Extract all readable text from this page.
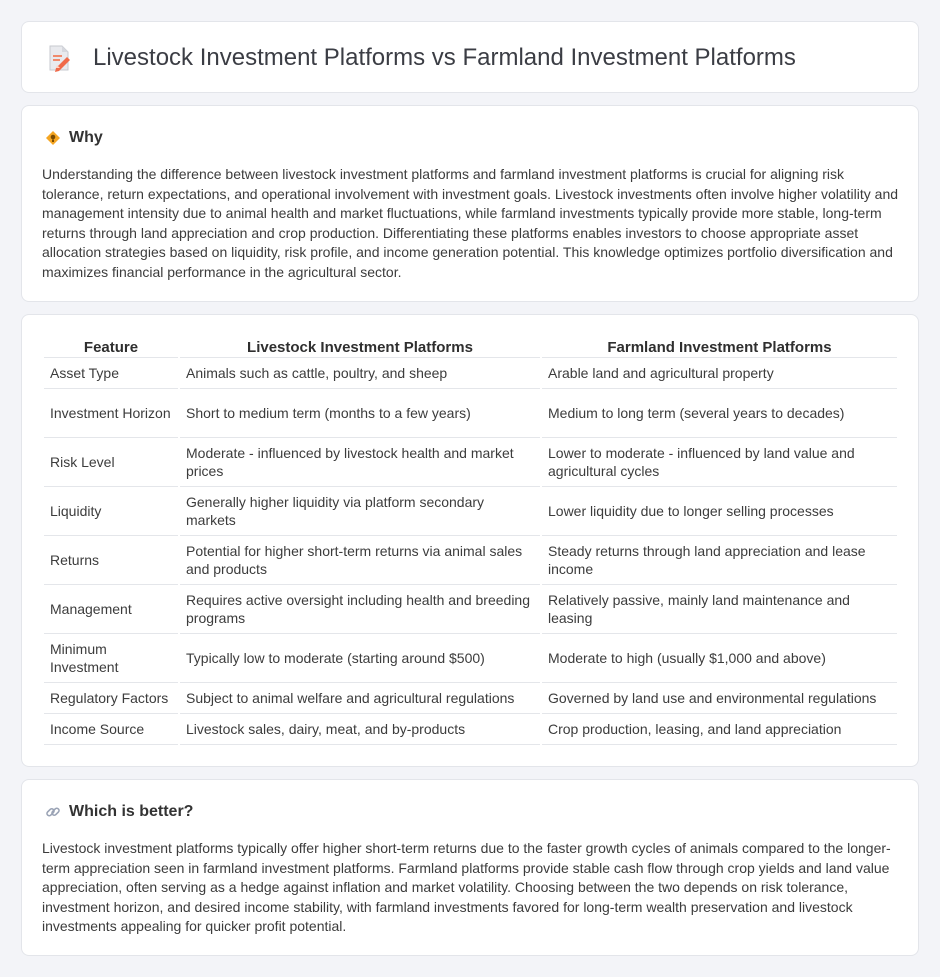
Livestock Investment Platforms vs Farmland Investment Platforms
Why

Understanding the difference between livestock investment platforms and farmland investment platforms is crucial for aligning risk tolerance, return expectations, and operational involvement with investment goals. Livestock investments often involve higher volatility and management intensity due to animal health and market fluctuations, while farmland investments typically provide more stable, long-term returns through land appreciation and crop production. Differentiating these platforms enables investors to choose appropriate asset allocation strategies based on liquidity, risk profile, and income generation potential. This knowledge optimizes portfolio diversification and maximizes financial performance in the agricultural sector.

Feature	Livestock Investment Platforms	Farmland Investment Platforms
Asset Type	Animals such as cattle, poultry, and sheep	Arable land and agricultural property
Investment Horizon	Short to medium term (months to a few years)	Medium to long term (several years to decades)
Risk Level	Moderate - influenced by livestock health and market prices	Lower to moderate - influenced by land value and agricultural cycles
Liquidity	Generally higher liquidity via platform secondary markets	Lower liquidity due to longer selling processes
Returns	Potential for higher short-term returns via animal sales and products	Steady returns through land appreciation and lease income
Management	Requires active oversight including health and breeding programs	Relatively passive, mainly land maintenance and leasing
Minimum Investment	Typically low to moderate (starting around $500)	Moderate to high (usually $1,000 and above)
Regulatory Factors	Subject to animal welfare and agricultural regulations	Governed by land use and environmental regulations
Income Source	Livestock sales, dairy, meat, and by-products	Crop production, leasing, and land appreciation
Which is better?

Livestock investment platforms typically offer higher short-term returns due to the faster growth cycles of animals compared to the longer-term appreciation seen in farmland investment platforms. Farmland platforms provide stable cash flow through crop yields and land value appreciation, often serving as a hedge against inflation and market volatility. Choosing between the two depends on risk tolerance, investment horizon, and desired income stability, with farmland investments favored for long-term wealth preservation and livestock investments appealing for quicker profit potential.
